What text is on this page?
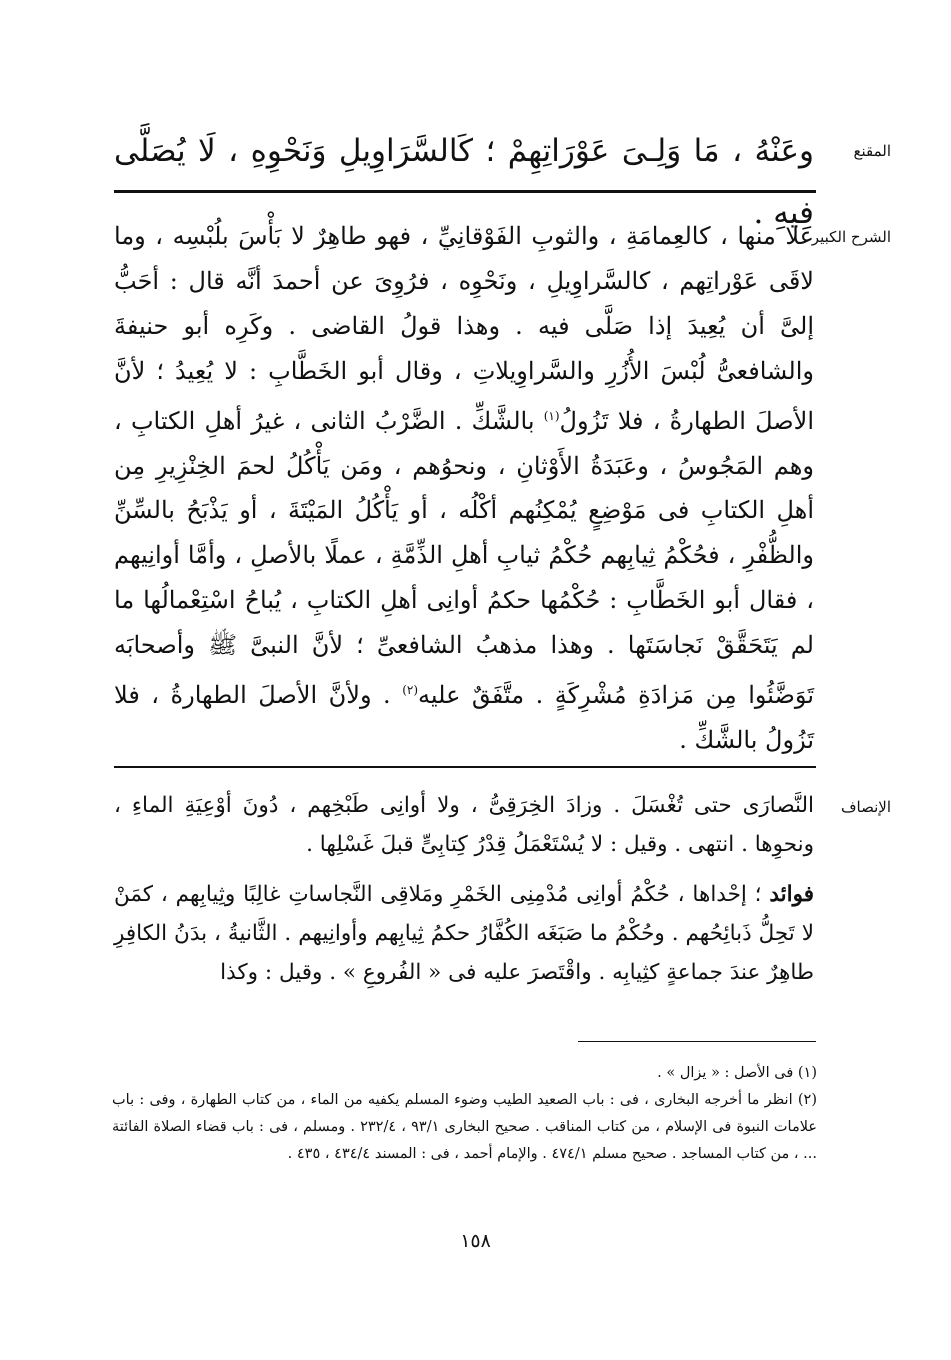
المقنع

وعَنْهُ ، مَا وَلِـىَ عَوْرَاتِهِمْ ؛ كَالسَّرَاوِيلِ وَنَحْوِهِ ، لَا يُصَلَّى فِيهِ .

الشرح الكبير

علا منها ، كالعِمامَةِ ، والثوبِ الفَوْقانِيِّ ، فهو طاهِرٌ لا بَأْسَ بلُبْسِه ، وما لاقَى عَوْراتِهم ، كالسَّراوِيلِ ، ونَحْوِه ، فرُوِىَ عن أحمدَ أنَّه قال : أحَبُّ إلىَّ أن يُعِيدَ إذا صَلَّى فيه . وهذا قولُ القاضى . وكَرِه أبو حنيفةَ والشافعىُّ لُبْسَ الأُزُرِ والسَّراوِيلاتِ ، وقال أبو الخَطَّابِ : لا يُعِيدُ ؛ لأنَّ الأصلَ الطهارةُ ، فلا تَزُولُ$^{(١)}$ بالشَّكِّ . الضَّرْبُ الثانى ، غيرُ أهلِ الكتابِ ، وهم المَجُوسُ ، وعَبَدَةُ الأَوْثانِ ، ونحوُهم ، ومَن يَأْكُلُ لحمَ الخِنْزِيرِ مِن أهلِ الكتابِ فى مَوْضِعٍ يُمْكِنُهم أكْلُه ، أو يَأْكُلُ المَيْتَةَ ، أو يَذْبَحُ بالسِّنِّ والظُّفْرِ ، فحُكْمُ ثِيابِهم حُكْمُ ثيابِ أهلِ الذِّمَّةِ ، عملًا بالأصلِ ، وأمَّا أوانِيهم ، فقال أبو الخَطَّابِ : حُكْمُها حكمُ أوانِى أهلِ الكتابِ ، يُباحُ اسْتِعْمالُها ما لم يَتَحَقَّقْ نَجاسَتَها . وهذا مذهبُ الشافعىِّ ؛ لأنَّ النبىَّ ﷺ وأصحابَه تَوَضَّئُوا مِن مَزادَةِ مُشْرِكَةٍ . متَّفَقٌ عليه$^{(٢)}$ . ولأنَّ الأصلَ الطهارةُ ، فلا تَزُولُ بالشَّكِّ .

الإنصاف

النَّصارَى حتى تُغْسَلَ . وزادَ الخِرَقِىُّ ، ولا أوانِى طَبْخِهم ، دُونَ أوْعِيَةِ الماءِ ، ونحوِها . انتهى . وقيل : لا يُسْتَعْمَلُ قِدْرُ كِتابِىٍّ قبلَ غَسْلِها .

فوائد ؛ إحْداها ، حُكْمُ أوانِى مُدْمِنِى الخَمْرِ ومَلاقِى النَّجاساتِ غالِبًا وثِيابِهم ، كمَنْ لا تَحِلُّ ذَبائِحُهم . وحُكْمُ ما صَبَغَه الكُفَّارُ حكمُ ثِيابِهم وأوانِيهم . الثَّانيةُ ، بدَنُ الكافِرِ طاهِرٌ عندَ جماعةٍ كثِيابِه . واقْتَصرَ عليه فى « الفُروعِ » . وقيل : وكذا

(١) فى الأصل : « يزال » .

(٢) انظر ما أخرجه البخارى ، فى : باب الصعيد الطيب وضوء المسلم يكفيه من الماء ، من كتاب الطهارة ، وفى : باب علامات النبوة فى الإسلام ، من كتاب المناقب . صحيح البخارى ٩٣/١ ، ٢٣٢/٤ . ومسلم ، فى : باب قضاء الصلاة الفائتة ... ، من كتاب المساجد . صحيح مسلم ٤٧٤/١ . والإمام أحمد ، فى : المسند ٤٣٤/٤ ، ٤٣٥ .

١٥٨
